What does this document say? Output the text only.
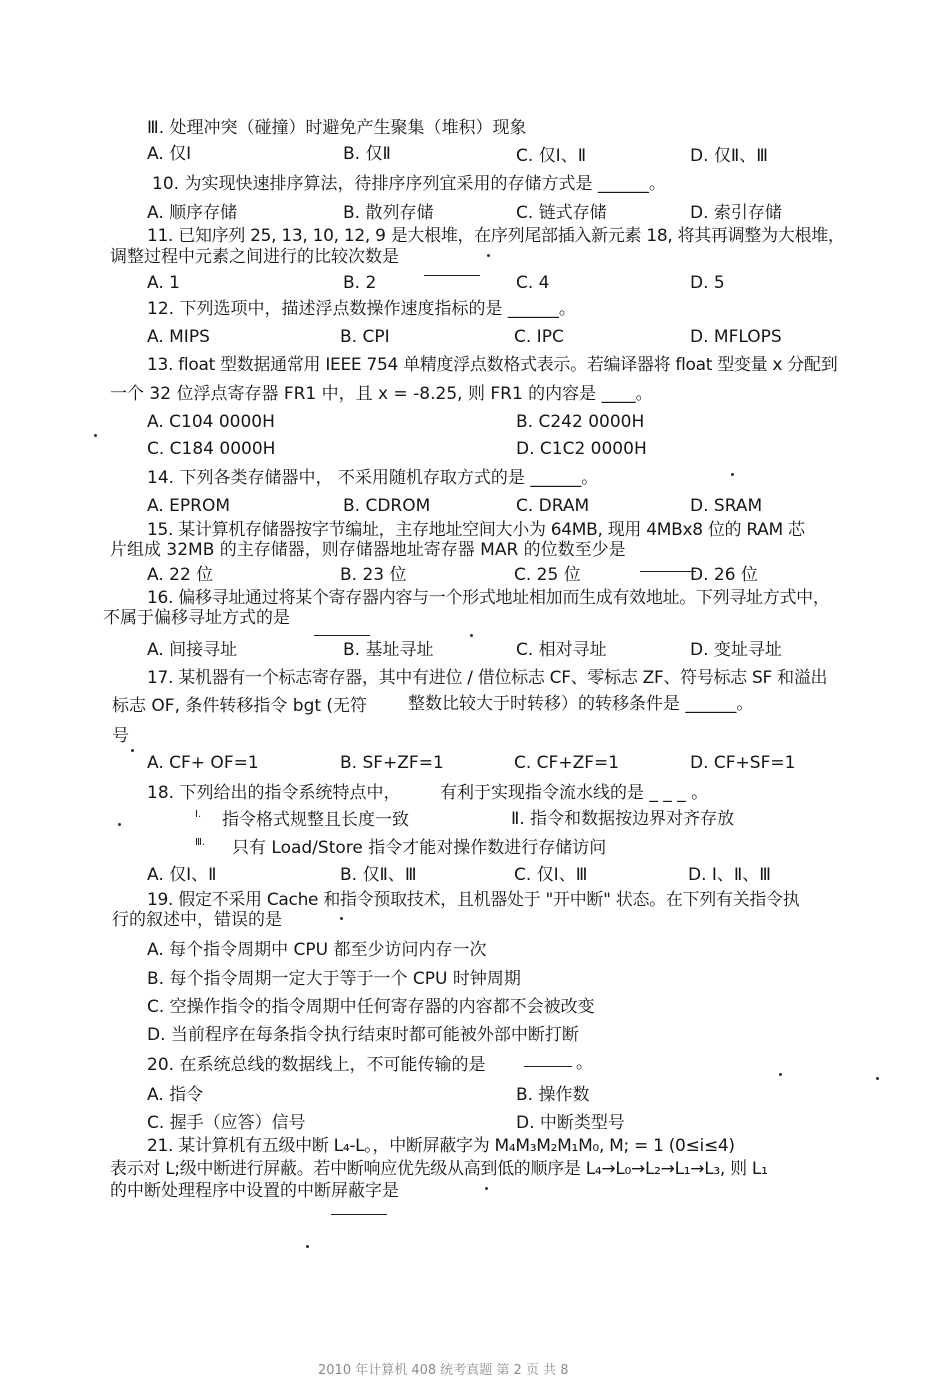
Ⅲ. 处理冲突（碰撞）时避免产生聚集（堆积）现象
A. 仅Ⅰ	B. 仅Ⅱ	C. 仅Ⅰ、Ⅱ	D. 仅Ⅱ、Ⅲ
10. 为实现快速排序算法，待排序序列宜采用的存储方式是 ______。
A. 顺序存储	B. 散列存储	C. 链式存储	D. 索引存储
11. 已知序列 25, 13, 10, 12, 9 是大根堆，在序列尾部插入新元素 18, 将其再调整为大根堆，
调整过程中元素之间进行的比较次数是
A. 1	B. 2	C. 4	D. 5
12. 下列选项中，描述浮点数操作速度指标的是 ______。
A. MIPS	B. CPI	C. IPC	D. MFLOPS
13. float 型数据通常用 IEEE 754 单精度浮点数格式表示。若编译器将 float 型变量 x 分配到
一个 32 位浮点寄存器 FR1 中，且 x = -8.25, 则 FR1 的内容是 ____。
A. C104 0000H	B. C242 0000H
C. C184 0000H	D. C1C2 0000H
14. 下列各类存储器中， 不采用随机存取方式的是 ______。
A. EPROM	B. CDROM	C. DRAM	D. SRAM
15. 某计算机存储器按字节编址，主存地址空间大小为 64MB, 现用 4MBx8 位的 RAM 芯
片组成 32MB 的主存储器，则存储器地址寄存器 MAR 的位数至少是
A. 22 位	B. 23 位	C. 25 位	D. 26 位
16. 偏移寻址通过将某个寄存器内容与一个形式地址相加而生成有效地址。下列寻址方式中，
不属于偏移寻址方式的是
A. 间接寻址	B. 基址寻址	C. 相对寻址	D. 变址寻址
17. 某机器有一个标志寄存器，其中有进位 / 借位标志 CF、零标志 ZF、符号标志 SF 和溢出
标志 OF, 条件转移指令 bgt (无符 整数比较大于时转移）的转移条件是 ______。
号
A. CF+ OF=1	B. SF+ZF=1	C. CF+ZF=1	D. CF+SF=1
18. 下列给出的指令系统特点中， 有利于实现指令流水线的是 _ _ _ 。
Ⅰ. 指令格式规整且长度一致	Ⅱ. 指令和数据按边界对齐存放
Ⅲ. 只有 Load/Store 指令才能对操作数进行存储访问
A. 仅Ⅰ、Ⅱ	B. 仅Ⅱ、Ⅲ	C. 仅Ⅰ、Ⅲ	D. Ⅰ、Ⅱ、Ⅲ
19. 假定不采用 Cache 和指令预取技术，且机器处于 "开中断" 状态。在下列有关指令执
行的叙述中，错误的是
A. 每个指令周期中 CPU 都至少访问内存一次
B. 每个指令周期一定大于等于一个 CPU 时钟周期
C. 空操作指令的指令周期中任何寄存器的内容都不会被改变
D. 当前程序在每条指令执行结束时都可能被外部中断打断
20. 在系统总线的数据线上，不可能传输的是	。
A. 指令	B. 操作数
C. 握手（应答）信号	D. 中断类型号
21. 某计算机有五级中断 L₄-L。，中断屏蔽字为 M₄M₃M₂M₁M₀, M; = 1 (0≤i≤4)
表示对 L;级中断进行屏蔽。若中断响应优先级从高到低的顺序是 L₄→L₀→L₂→L₁→L₃, 则 L₁
的中断处理程序中设置的中断屏蔽字是
2010 年计算机 408 统考真题 第 2 页 共 8
